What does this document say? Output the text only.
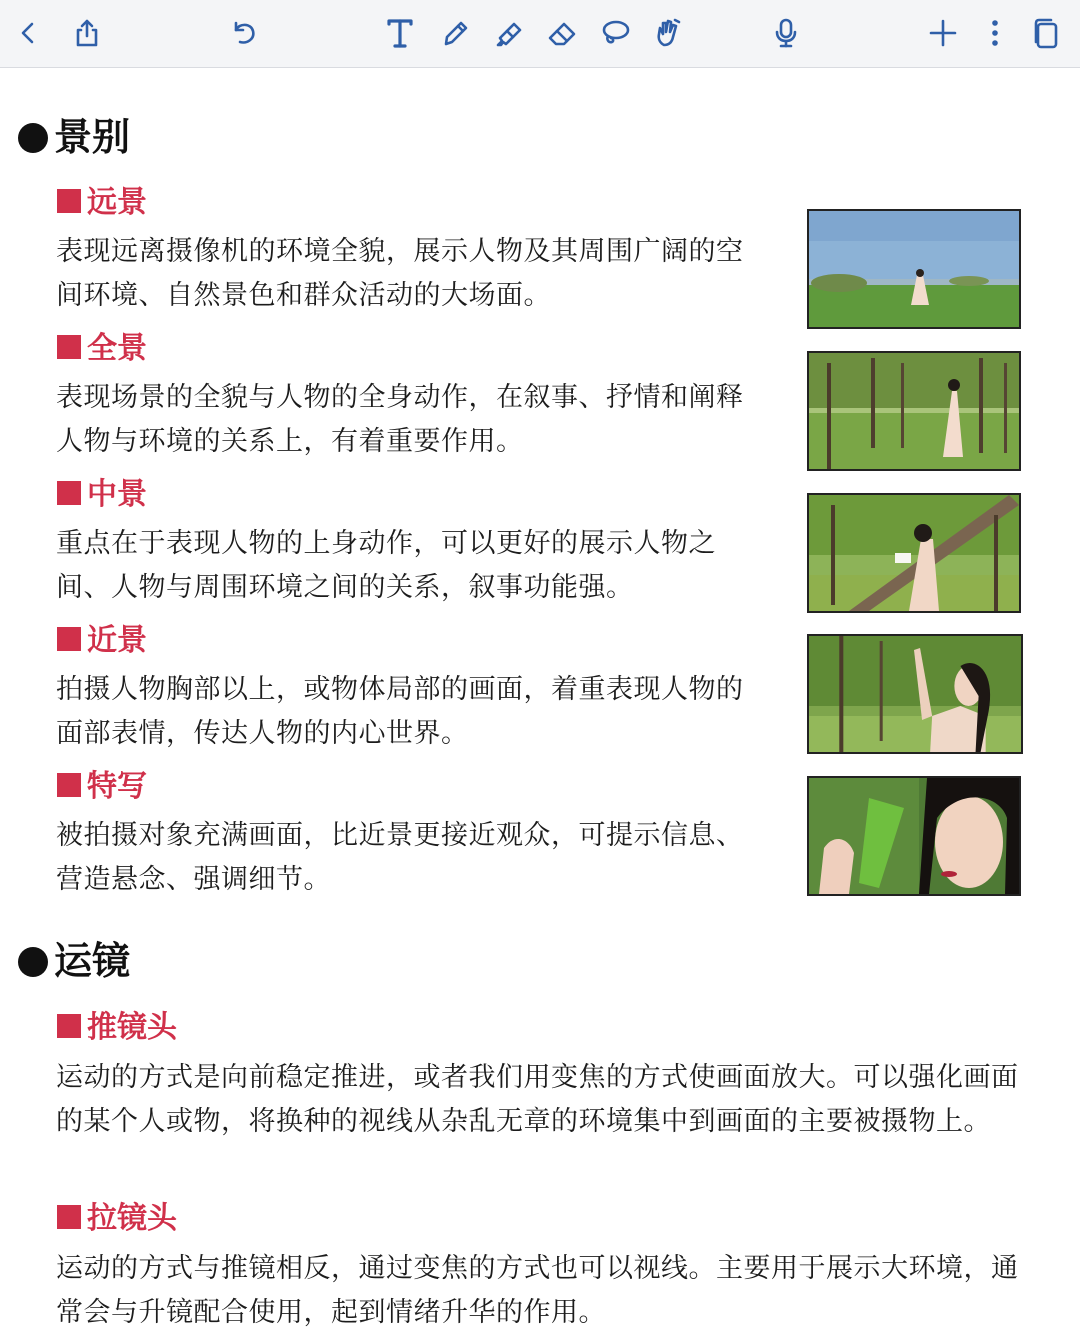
景别
远景
表现远离摄像机的环境全貌，展示人物及其周围广阔的空间环境、自然景色和群众活动的大场面。
全景
表现场景的全貌与人物的全身动作，在叙事、抒情和阐释人物与环境的关系上，有着重要作用。
中景
重点在于表现人物的上身动作，可以更好的展示人物之间、人物与周围环境之间的关系，叙事功能强。
近景
拍摄人物胸部以上，或物体局部的画面，着重表现人物的面部表情，传达人物的内心世界。
特写
被拍摄对象充满画面，比近景更接近观众，可提示信息、营造悬念、强调细节。
运镜
推镜头
运动的方式是向前稳定推进，或者我们用变焦的方式使画面放大。可以强化画面的某个人或物，将换种的视线从杂乱无章的环境集中到画面的主要被摄物上。
拉镜头
运动的方式与推镜相反，通过变焦的方式也可以视线。主要用于展示大环境，通常会与升镜配合使用，起到情绪升华的作用。
